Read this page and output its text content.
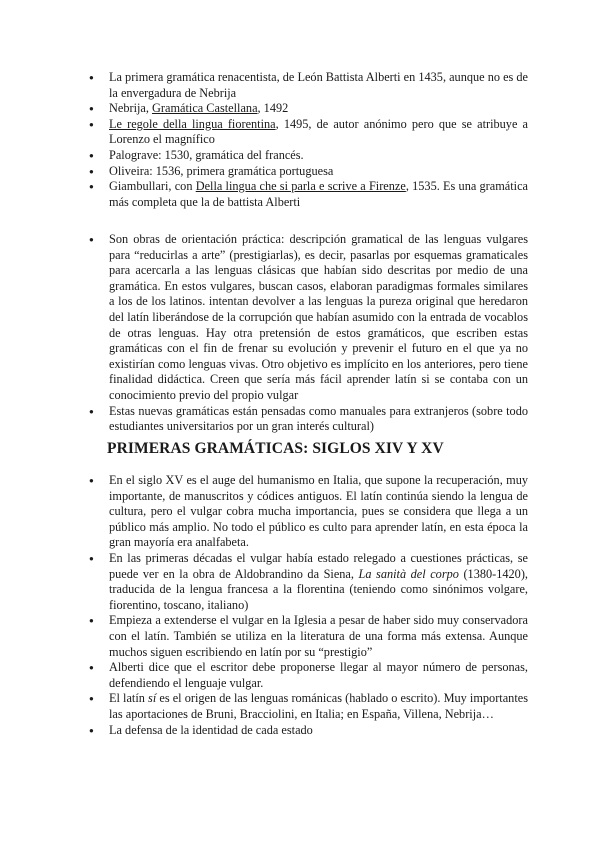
● La primera gramática renacentista, de León Battista Alberti en 1435, aunque no es de la envergadura de Nebrija
● Nebrija, Gramática Castellana, 1492
● Le regole della lingua fiorentina, 1495, de autor anónimo pero que se atribuye a Lorenzo el magnífico
● Palograve: 1530, gramática del francés.
● Oliveira: 1536, primera gramática portuguesa
● Giambullari, con Della lingua che si parla e scrive a Firenze, 1535. Es una gramática más completa que la de battista Alberti
● Son obras de orientación práctica: descripción gramatical de las lenguas vulgares para “reducirlas a arte” (prestigiarlas), es decir, pasarlas por esquemas gramaticales para acercarla a las lenguas clásicas que habían sido descritas por medio de una gramática. En estos vulgares, buscan casos, elaboran paradigmas formales similares a los de los latinos. intentan devolver a las lenguas la pureza original que heredaron del latín liberándose de la corrupción que habían asumido con la entrada de vocablos de otras lenguas. Hay otra pretensión de estos gramáticos, que escriben estas gramáticas con el fin de frenar su evolución y prevenir el futuro en el que ya no existirían como lenguas vivas. Otro objetivo es implícito en los anteriores, pero tiene finalidad didáctica. Creen que sería más fácil aprender latín si se contaba con un conocimiento previo del propio vulgar
● Estas nuevas gramáticas están pensadas como manuales para extranjeros (sobre todo estudiantes universitarios por un gran interés cultural)
PRIMERAS GRAMÁTICAS: SIGLOS XIV Y XV
● En el siglo XV es el auge del humanismo en Italia, que supone la recuperación, muy importante, de manuscritos y códices antiguos. El latín continúa siendo la lengua de cultura, pero el vulgar cobra mucha importancia, pues se considera que llega a un público más amplio. No todo el público es culto para aprender latín, en esta época la gran mayoría era analfabeta.
● En las primeras décadas el vulgar había estado relegado a cuestiones prácticas, se puede ver en la obra de Aldobrandino da Siena, La sanità del corpo (1380-1420), traducida de la lengua francesa a la florentina (teniendo como sinónimos volgare, fiorentino, toscano, italiano)
● Empieza a extenderse el vulgar en la Iglesia a pesar de haber sido muy conservadora con el latín. También se utiliza en la literatura de una forma más extensa. Aunque muchos siguen escribiendo en latín por su “prestigio”
● Alberti dice que el escritor debe proponerse llegar al mayor número de personas, defendiendo el lenguaje vulgar.
● El latín sí es el origen de las lenguas románicas (hablado o escrito). Muy importantes las aportaciones de Bruni, Bracciolini, en Italia; en España, Villena, Nebrija…
● La defensa de la identidad de cada estado
